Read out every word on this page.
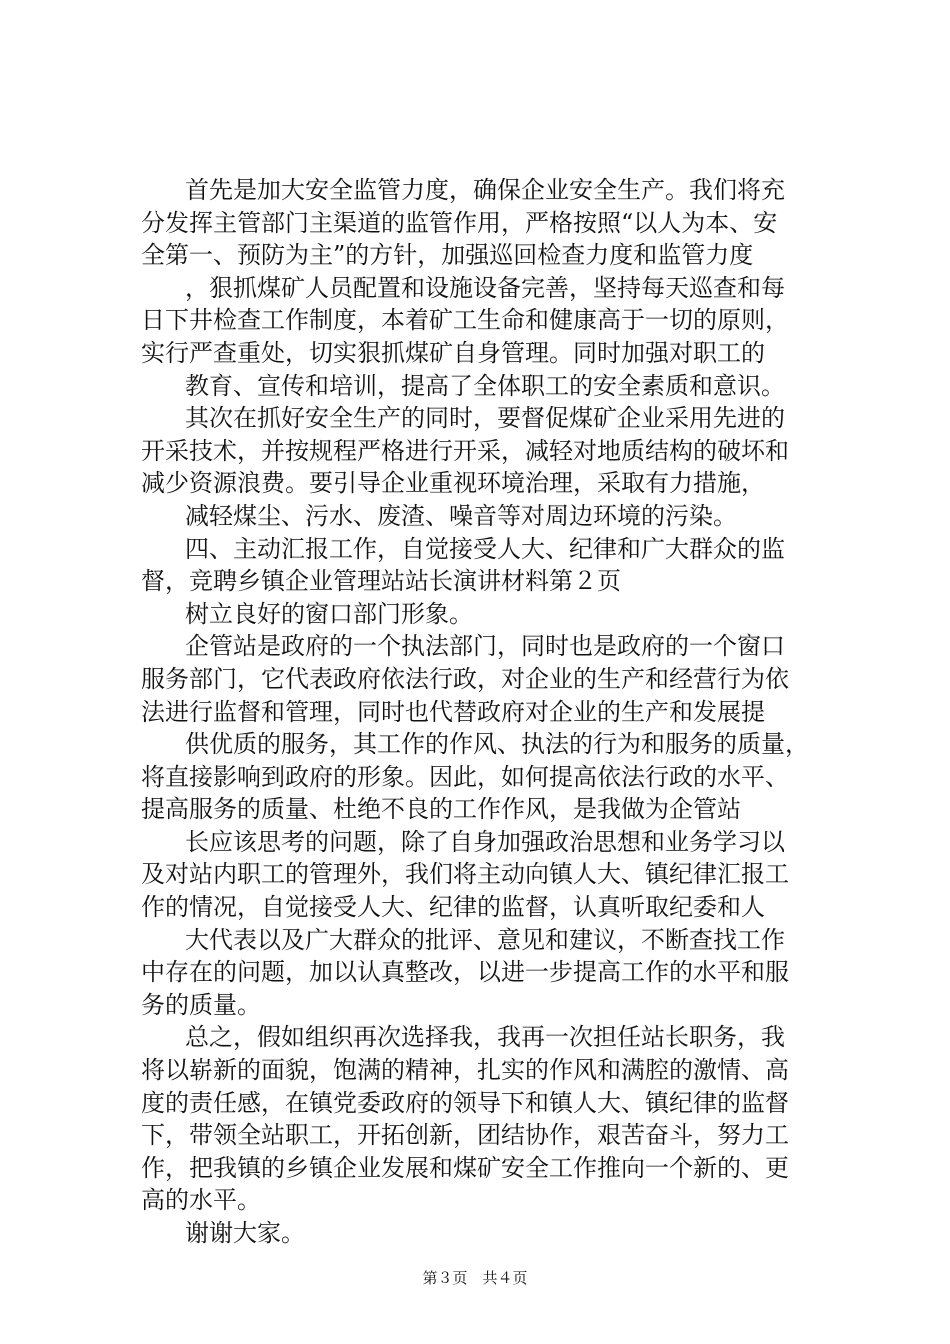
首先是加大安全监管力度，确保企业安全生产。我们将充
分发挥主管部门主渠道的监管作用，严格按照“以人为本、安
全第一、预防为主”的方针，加强巡回检查力度和监管力度
，狠抓煤矿人员配置和设施设备完善，坚持每天巡查和每
日下井检查工作制度，本着矿工生命和健康高于一切的原则，
实行严查重处，切实狠抓煤矿自身管理。同时加强对职工的
教育、宣传和培训，提高了全体职工的安全素质和意识。
其次在抓好安全生产的同时，要督促煤矿企业采用先进的
开采技术，并按规程严格进行开采，减轻对地质结构的破坏和
减少资源浪费。要引导企业重视环境治理，采取有力措施，
减轻煤尘、污水、废渣、噪音等对周边环境的污染。
四、主动汇报工作，自觉接受人大、纪律和广大群众的监
督，竞聘乡镇企业管理站站长演讲材料第２页
树立良好的窗口部门形象。
企管站是政府的一个执法部门，同时也是政府的一个窗口
服务部门，它代表政府依法行政，对企业的生产和经营行为依
法进行监督和管理，同时也代替政府对企业的生产和发展提
供优质的服务，其工作的作风、执法的行为和服务的质量，
将直接影响到政府的形象。因此，如何提高依法行政的水平、
提高服务的质量、杜绝不良的工作作风，是我做为企管站
长应该思考的问题，除了自身加强政治思想和业务学习以
及对站内职工的管理外，我们将主动向镇人大、镇纪律汇报工
作的情况，自觉接受人大、纪律的监督，认真听取纪委和人
大代表以及广大群众的批评、意见和建议，不断查找工作
中存在的问题，加以认真整改，以进一步提高工作的水平和服
务的质量。
总之，假如组织再次选择我，我再一次担任站长职务，我
将以崭新的面貌，饱满的精神，扎实的作风和满腔的激情、高
度的责任感，在镇党委政府的领导下和镇人大、镇纪律的监督
下，带领全站职工，开拓创新，团结协作，艰苦奋斗，努力工
作，把我镇的乡镇企业发展和煤矿安全工作推向一个新的、更
高的水平。
谢谢大家。
第３页　共４页
